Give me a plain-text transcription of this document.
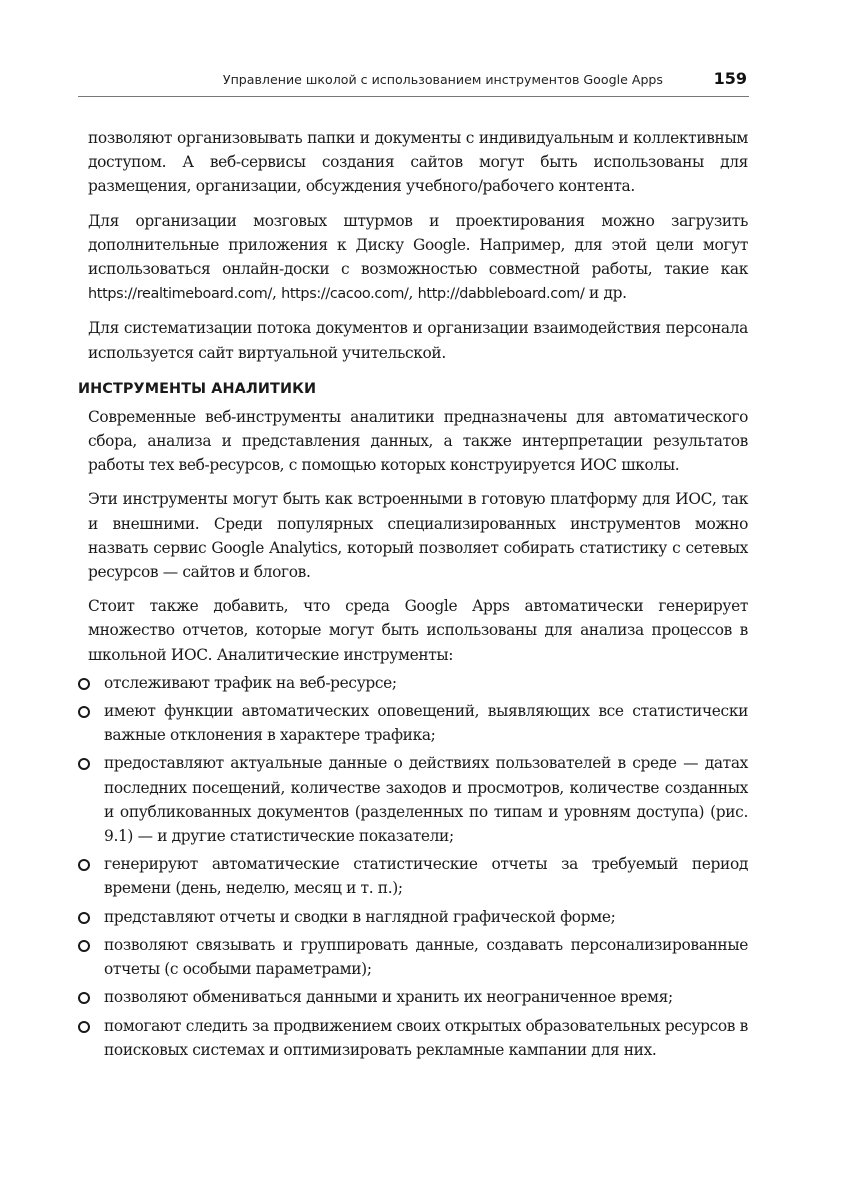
Управление школой с использованием инструментов Google Apps	159

позволяют организовывать папки и документы с индивидуальным и коллективным доступом. А веб-сервисы создания сайтов могут быть использованы для размещения, организации, обсуждения учебного/рабочего контента.

Для организации мозговых штурмов и проектирования можно загрузить дополнительные приложения к Диску Google. Например, для этой цели могут использоваться онлайн-доски с возможностью совместной работы, такие как https://realtimeboard.com/, https://cacoo.com/, http://dabbleboard.com/ и др.

Для систематизации потока документов и организации взаимодействия персонала используется сайт виртуальной учительской.

ИНСТРУМЕНТЫ АНАЛИТИКИ

Современные веб-инструменты аналитики предназначены для автоматического сбора, анализа и представления данных, а также интерпретации результатов работы тех веб-ресурсов, с помощью которых конструируется ИОС школы.

Эти инструменты могут быть как встроенными в готовую платформу для ИОС, так и внешними. Среди популярных специализированных инструментов можно назвать сервис Google Analytics, который позволяет собирать статистику с сетевых ресурсов — сайтов и блогов.

Стоит также добавить, что среда Google Apps автоматически генерирует множество отчетов, которые могут быть использованы для анализа процессов в школьной ИОС. Аналитические инструменты:

отслеживают трафик на веб-ресурсе;
имеют функции автоматических оповещений, выявляющих все статистически важные отклонения в характере трафика;
предоставляют актуальные данные о действиях пользователей в среде — датах последних посещений, количестве заходов и просмотров, количестве созданных и опубликованных документов (разделенных по типам и уровням доступа) (рис. 9.1) — и другие статистические показатели;
генерируют автоматические статистические отчеты за требуемый период времени (день, неделю, месяц и т. п.);
представляют отчеты и сводки в наглядной графической форме;
позволяют связывать и группировать данные, создавать персонализированные отчеты (с особыми параметрами);
позволяют обмениваться данными и хранить их неограниченное время;
помогают следить за продвижением своих открытых образовательных ресурсов в поисковых системах и оптимизировать рекламные кампании для них.
